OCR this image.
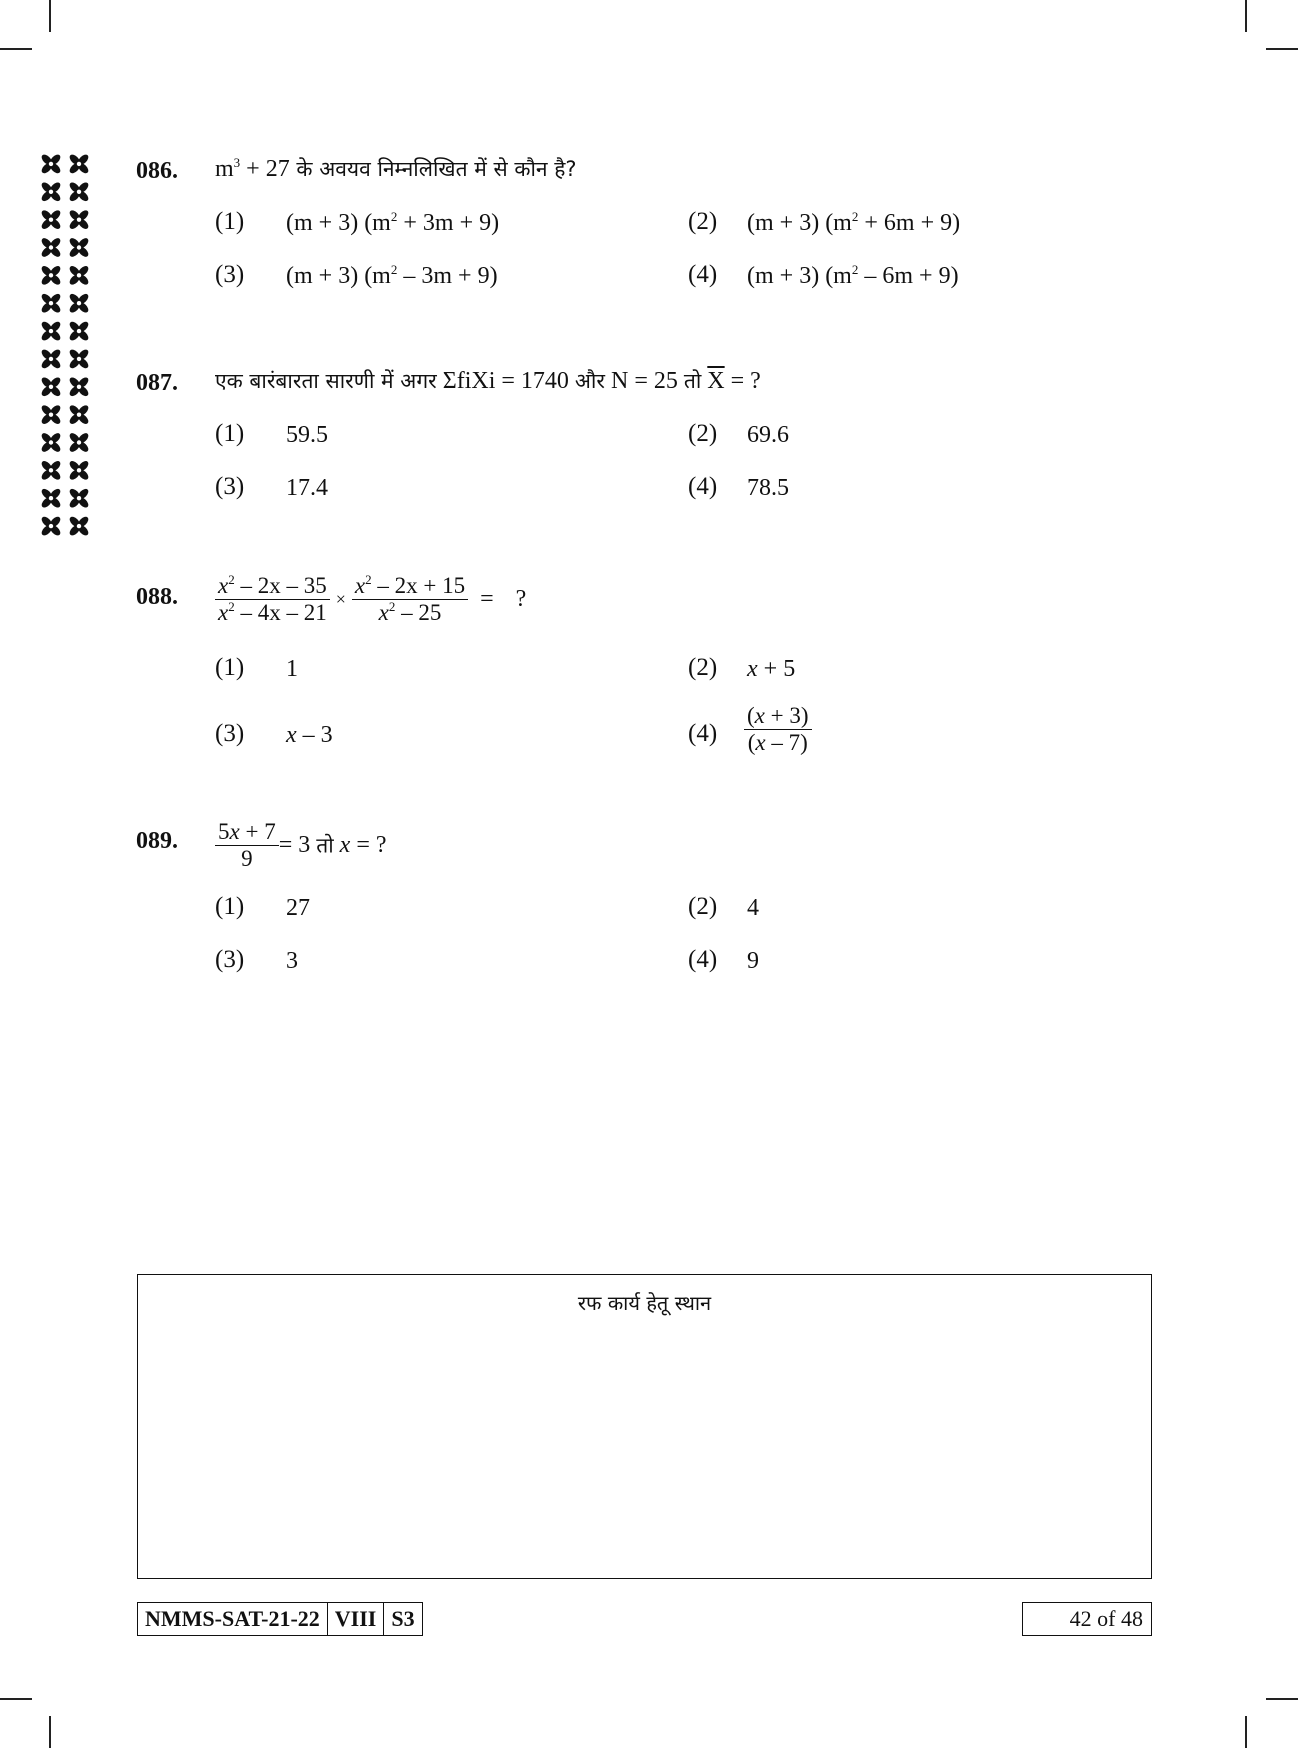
086. $m^3 + 27$ के अवयव निम्नलिखित में से कौन है?
(1) (m + 3) $(m^2 + 3m + 9)$	(2) (m + 3) $(m^2 + 6m + 9)$
(3) (m + 3) $(m^2 - 3m + 9)$	(4) (m + 3) $(m^2 - 6m + 9)$
087. एक बारंबारता सारणी में अगर ΣfiXi = 1740 और N = 25 तो $\overline{X}$ = ?
(1) 59.5	(2) 69.6
(3) 17.4	(4) 78.5
088. $\frac{x^2 - 2x - 35}{x^2 - 4x - 21} \times \frac{x^2 - 2x + 15}{x^2 - 25}$ = ?
(1) 1	(2) x + 5
(3) x – 3	$(4) \frac{(x + 3)}{(x - 7)}$
089. $\frac{5x + 7}{9} = 3$ तो x = ?
(1) 27	(2) 4
(3) 3	(4) 9
रफ कार्य हेतू स्थान
NMMS-SAT-21-22 VIII S3	42 of 48
